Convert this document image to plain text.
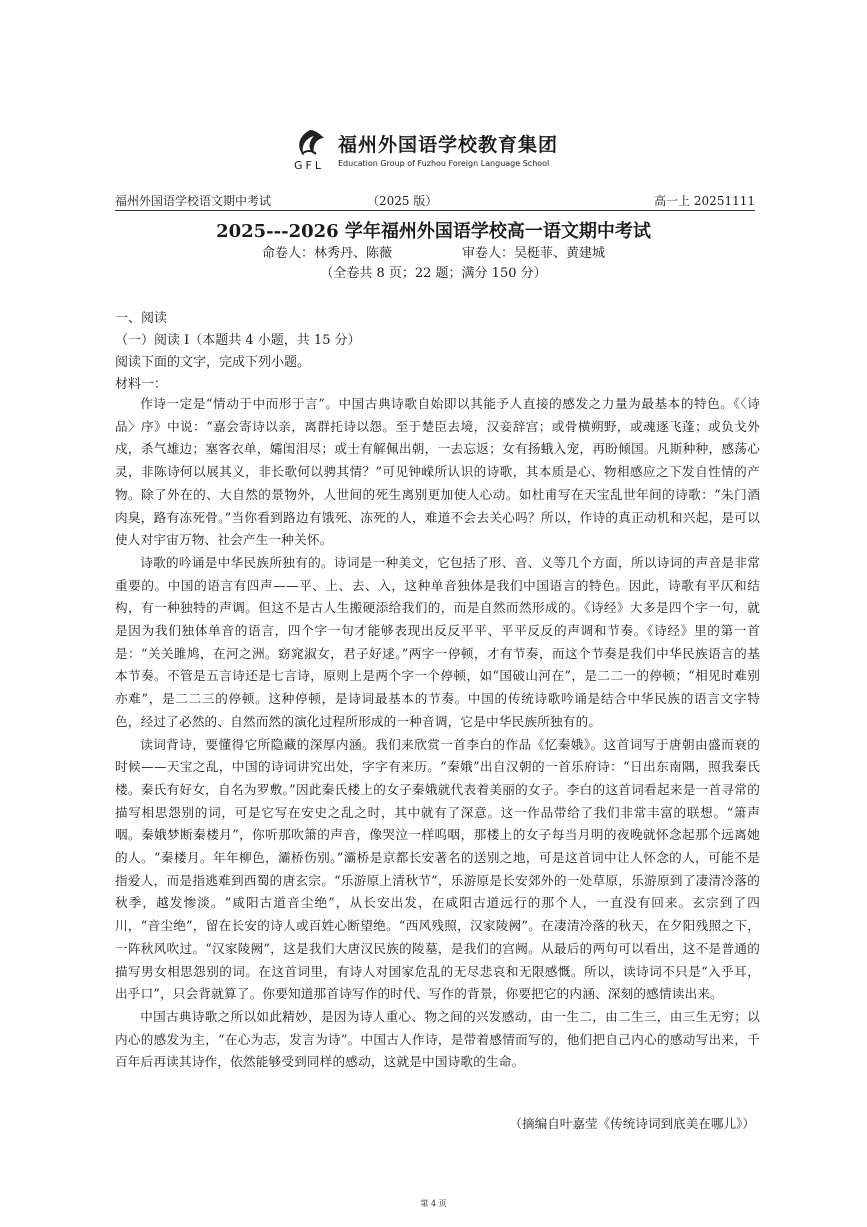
福州外国语学校教育集团
GFL Education Group of Fuzhou Foreign Language School
福州外国语学校语文期中考试	（2025 版）	高一上 20251111
2025---2026 学年福州外国语学校高一语文期中考试
命卷人：林秀丹、陈薇	审卷人：吴梃菲、黄建城
（全卷共 8 页；22 题；满分 150 分）
一、阅读
（一）阅读 I（本题共 4 小题，共 15 分）
阅读下面的文字，完成下列小题。
材料一：

作诗一定是“情动于中而形于言”。中国古典诗歌自始即以其能予人直接的感发之力量为最基本的特色。《〈诗品〉序》中说：“嘉会寄诗以亲，离群托诗以怨。至于楚臣去境，汉妾辞宫；或骨横朔野，或魂逐飞蓬；或负戈外戍，杀气雄边；塞客衣单，孀闺泪尽；或士有解佩出朝，一去忘返；女有扬蛾入宠，再盼倾国。凡斯种种，感荡心灵，非陈诗何以展其义，非长歌何以骋其情？”可见钟嵘所认识的诗歌，其本质是心、物相感应之下发自性情的产物。除了外在的、大自然的景物外，人世间的死生离别更加使人心动。如杜甫写在天宝乱世年间的诗歌：“朱门酒肉臭，路有冻死骨。”当你看到路边有饿死、冻死的人，难道不会去关心吗？所以，作诗的真正动机和兴起，是可以使人对宇宙万物、社会产生一种关怀。

诗歌的吟诵是中华民族所独有的。诗词是一种美文，它包括了形、音、义等几个方面，所以诗词的声音是非常重要的。中国的语言有四声——平、上、去、入，这种单音独体是我们中国语言的特色。因此，诗歌有平仄和结构，有一种独特的声调。但这不是古人生搬硬添给我们的，而是自然而然形成的。《诗经》大多是四个字一句，就是因为我们独体单音的语言，四个字一句才能够表现出反反平平、平平反反的声调和节奏。《诗经》里的第一首是：“关关雎鸠，在河之洲。窈窕淑女，君子好逑。”两字一停顿，才有节奏，而这个节奏是我们中华民族语言的基本节奏。不管是五言诗还是七言诗，原则上是两个字一个停顿，如“国破山河在”，是二二一的停顿；“相见时难别亦难”，是二二三的停顿。这种停顿，是诗词最基本的节奏。中国的传统诗歌吟诵是结合中华民族的语言文字特色，经过了必然的、自然而然的演化过程所形成的一种音调，它是中华民族所独有的。

读词背诗，要懂得它所隐藏的深厚内涵。我们来欣赏一首李白的作品《忆秦娥》。这首词写于唐朝由盛而衰的时候——天宝之乱，中国的诗词讲究出处，字字有来历。“秦娥”出自汉朝的一首乐府诗：“日出东南隅，照我秦氏楼。秦氏有好女，自名为罗敷。”因此秦氏楼上的女子秦娥就代表着美丽的女子。李白的这首词看起来是一首寻常的描写相思怨别的词，可是它写在安史之乱之时，其中就有了深意。这一作品带给了我们非常丰富的联想。“箫声咽。秦娥梦断秦楼月”，你听那吹箫的声音，像哭泣一样呜咽，那楼上的女子每当月明的夜晚就怀念起那个远离她的人。“秦楼月。年年柳色，灞桥伤别。”灞桥是京都长安著名的送别之地，可是这首词中让人怀念的人，可能不是指爱人，而是指逃难到西蜀的唐玄宗。“乐游原上清秋节”，乐游原是长安郊外的一处草原，乐游原到了凄清冷落的秋季，越发惨淡。“咸阳古道音尘绝”，从长安出发，在咸阳古道远行的那个人，一直没有回来。玄宗到了四川，“音尘绝”，留在长安的诗人或百姓心断望绝。“西风残照，汉家陵阙”。在凄清冷落的秋天，在夕阳残照之下，一阵秋风吹过。“汉家陵阙”，这是我们大唐汉民族的陵墓，是我们的宫阙。从最后的两句可以看出，这不是普通的描写男女相思怨别的词。在这首词里，有诗人对国家危乱的无尽悲哀和无限感慨。所以，读诗词不只是“入乎耳，出乎口”，只会背就算了。你要知道那首诗写作的时代、写作的背景，你要把它的内涵、深刻的感情读出来。

中国古典诗歌之所以如此精妙，是因为诗人重心、物之间的兴发感动，由一生二，由二生三，由三生无穷；以内心的感发为主，“在心为志，发言为诗”。中国古人作诗，是带着感情而写的，他们把自己内心的感动写出来，千百年后再读其诗作，依然能够受到同样的感动，这就是中国诗歌的生命。

（摘编自叶嘉莹《传统诗词到底美在哪儿》）
第 4 页
